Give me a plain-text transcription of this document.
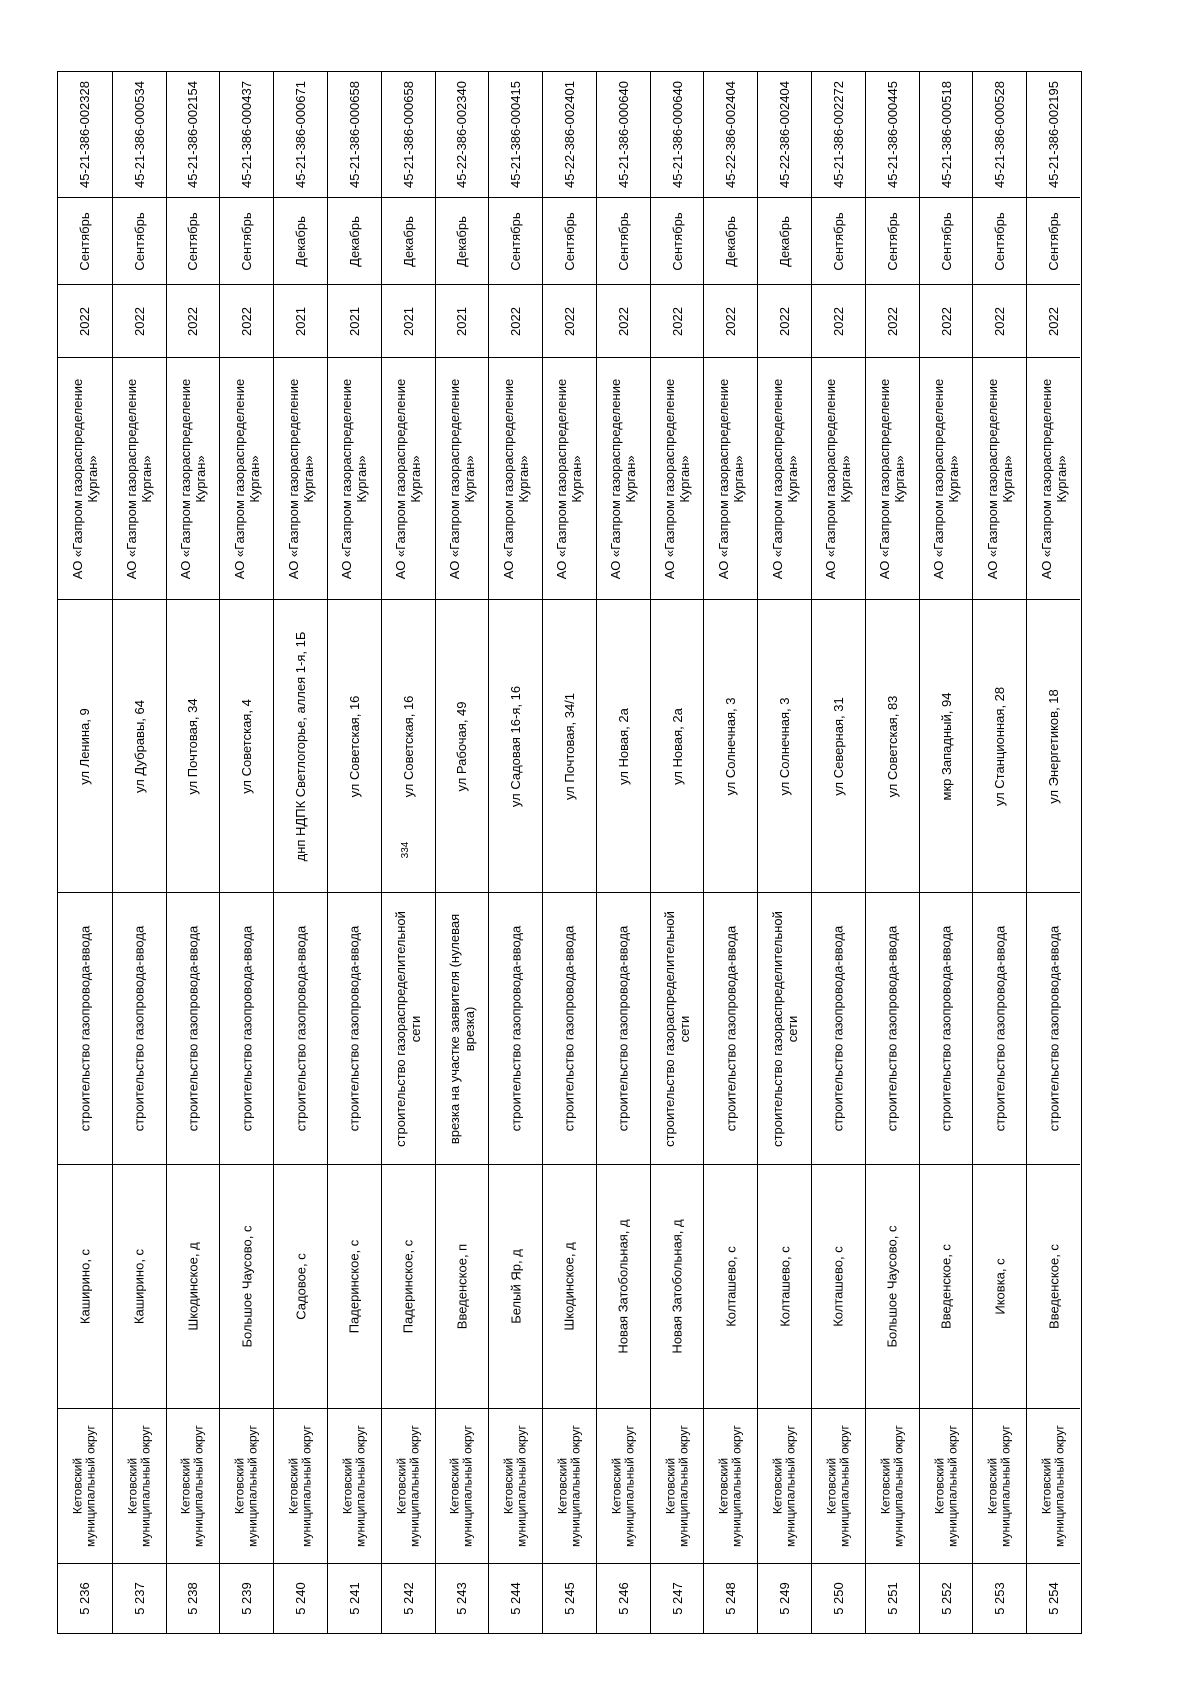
334
45-21-386-002328
Сентябрь
2022
АО «Газпром газораспределение Курган»
ул Ленина, 9
строительство газопровода-ввода
Каширино, с
Кетовский муниципальный округ
5 236
45-21-386-000534
Сентябрь
2022
АО «Газпром газораспределение Курган»
ул Дубравы, 64
строительство газопровода-ввода
Каширино, с
Кетовский муниципальный округ
5 237
45-21-386-002154
Сентябрь
2022
АО «Газпром газораспределение Курган»
ул Почтовая, 34
строительство газопровода-ввода
Шкодинское, д
Кетовский муниципальный округ
5 238
45-21-386-000437
Сентябрь
2022
АО «Газпром газораспределение Курган»
ул Советская, 4
строительство газопровода-ввода
Большое Чаусово, с
Кетовский муниципальный округ
5 239
45-21-386-000671
Декабрь
2021
АО «Газпром газораспределение Курган»
днп НДПК Светлогорье, аллея 1-я, 1Б
строительство газопровода-ввода
Садовое, с
Кетовский муниципальный округ
5 240
45-21-386-000658
Декабрь
2021
АО «Газпром газораспределение Курган»
ул Советская, 16
строительство газопровода-ввода
Падеринское, с
Кетовский муниципальный округ
5 241
45-21-386-000658
Декабрь
2021
АО «Газпром газораспределение Курган»
ул Советская, 16
строительство газораспределительной сети
Падеринское, с
Кетовский муниципальный округ
5 242
45-22-386-002340
Декабрь
2021
АО «Газпром газораспределение Курган»
ул Рабочая, 49
врезка на участке заявителя (нулевая врезка)
Введенское, п
Кетовский муниципальный округ
5 243
45-21-386-000415
Сентябрь
2022
АО «Газпром газораспределение Курган»
ул Садовая 16-я, 16
строительство газопровода-ввода
Белый Яр, д
Кетовский муниципальный округ
5 244
45-22-386-002401
Сентябрь
2022
АО «Газпром газораспределение Курган»
ул Почтовая, 34/1
строительство газопровода-ввода
Шкодинское, д
Кетовский муниципальный округ
5 245
45-21-386-000640
Сентябрь
2022
АО «Газпром газораспределение Курган»
ул Новая, 2а
строительство газопровода-ввода
Новая Затобольная, д
Кетовский муниципальный округ
5 246
45-21-386-000640
Сентябрь
2022
АО «Газпром газораспределение Курган»
ул Новая, 2а
строительство газораспределительной сети
Новая Затобольная, д
Кетовский муниципальный округ
5 247
45-22-386-002404
Декабрь
2022
АО «Газпром газораспределение Курган»
ул Солнечная, 3
строительство газопровода-ввода
Колташево, с
Кетовский муниципальный округ
5 248
45-22-386-002404
Декабрь
2022
АО «Газпром газораспределение Курган»
ул Солнечная, 3
строительство газораспределительной сети
Колташево, с
Кетовский муниципальный округ
5 249
45-21-386-002272
Сентябрь
2022
АО «Газпром газораспределение Курган»
ул Северная, 31
строительство газопровода-ввода
Колташево, с
Кетовский муниципальный округ
5 250
45-21-386-000445
Сентябрь
2022
АО «Газпром газораспределение Курган»
ул Советская, 83
строительство газопровода-ввода
Большое Чаусово, с
Кетовский муниципальный округ
5 251
45-21-386-000518
Сентябрь
2022
АО «Газпром газораспределение Курган»
мкр Западный, 94
строительство газопровода-ввода
Введенское, с
Кетовский муниципальный округ
5 252
45-21-386-000528
Сентябрь
2022
АО «Газпром газораспределение Курган»
ул Станционная, 28
строительство газопровода-ввода
Иковка, с
Кетовский муниципальный округ
5 253
45-21-386-002195
Сентябрь
2022
АО «Газпром газораспределение Курган»
ул Энергетиков, 18
строительство газопровода-ввода
Введенское, с
Кетовский муниципальный округ
5 254
